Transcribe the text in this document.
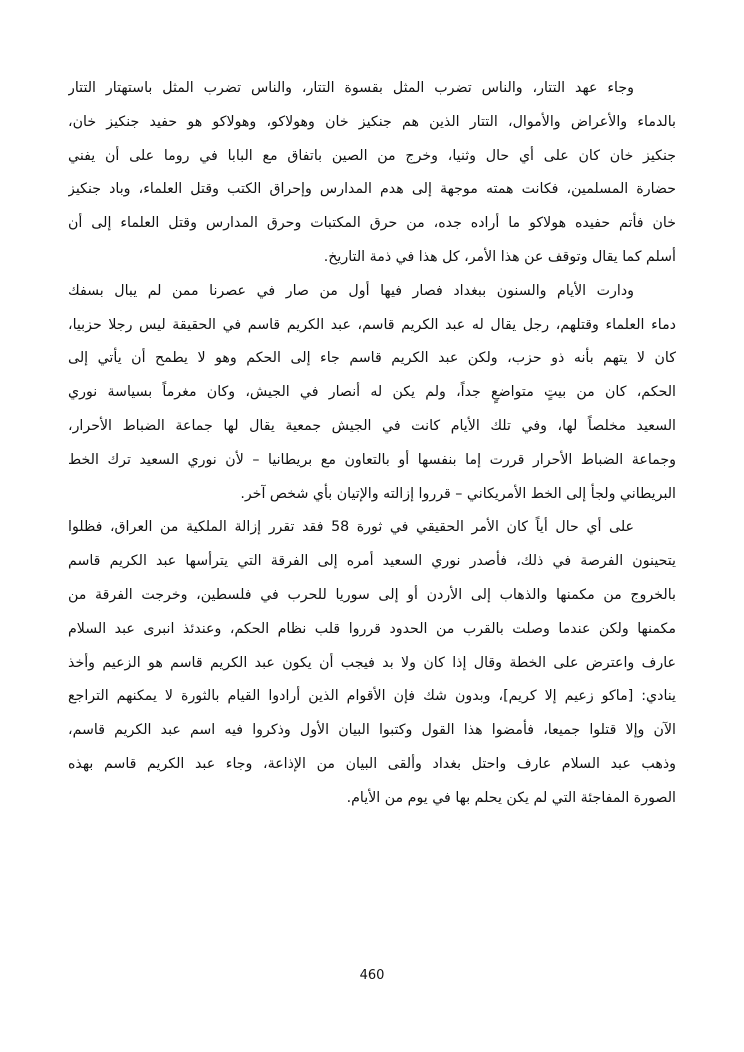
وجاء عهد التتار، والناس تضرب المثل بقسوة التتار، والناس تضرب المثل باستهتار التتار
بالدماء والأعراض والأموال، التتار الذين هم جنكيز خان وهولاكو، وهولاكو هو حفيد جنكيز خان،
جنكيز خان كان على أي حال وثنيا، وخرج من الصين باتفاق مع البابا في روما على أن يفني
حضارة المسلمين، فكانت همته موجهة إلى هدم المدارس وإحراق الكتب وقتل العلماء، وباد جنكيز
خان فأتم حفيده هولاكو ما أراده جده، من حرق المكتبات وحرق المدارس وقتل العلماء إلى أن
أسلم كما يقال وتوقف عن هذا الأمر، كل هذا في ذمة التاريخ.
ودارت الأيام والسنون ببغداد فصار فيها أول من صار في عصرنا ممن لم يبال بسفك
دماء العلماء وقتلهم، رجل يقال له عبد الكريم قاسم، عبد الكريم قاسم في الحقيقة ليس رجلا حزبيا،
كان لا يتهم بأنه ذو حزب، ولكن عبد الكريم قاسم جاء إلى الحكم وهو لا يطمح أن يأتي إلى
الحكم، كان من بيتٍ متواضعٍ جداً، ولم يكن له أنصار في الجيش، وكان مغرماً بسياسة نوري
السعيد مخلصاً لها، وفي تلك الأيام كانت في الجيش جمعية يقال لها جماعة الضباط الأحرار،
وجماعة الضباط الأحرار قررت إما بنفسها أو بالتعاون مع بريطانيا – لأن نوري السعيد ترك الخط
البريطاني ولجأ إلى الخط الأمريكاني – قرروا إزالته والإتيان بأي شخص آخر.
على أي حال أياً كان الأمر الحقيقي في ثورة 58 فقد تقرر إزالة الملكية من العراق، فظلوا
يتحينون الفرصة في ذلك، فأصدر نوري السعيد أمره إلى الفرقة التي يترأسها عبد الكريم قاسم
بالخروج من مكمنها والذهاب إلى الأردن أو إلى سوريا للحرب في فلسطين، وخرجت الفرقة من
مكمنها ولكن عندما وصلت بالقرب من الحدود قرروا قلب نظام الحكم، وعندئذ انبرى عبد السلام
عارف واعترض على الخطة وقال إذا كان ولا بد فيجب أن يكون عبد الكريم قاسم هو الزعيم وأخذ
ينادي: [ماكو زعيم إلا كريم]، وبدون شك فإن الأقوام الذين أرادوا القيام بالثورة لا يمكنهم التراجع
الآن وإلا قتلوا جميعا، فأمضوا هذا القول وكتبوا البيان الأول وذكروا فيه اسم عبد الكريم قاسم،
وذهب عبد السلام عارف واحتل بغداد وألقى البيان من الإذاعة، وجاء عبد الكريم قاسم بهذه
الصورة المفاجئة التي لم يكن يحلم بها في يوم من الأيام.
460
